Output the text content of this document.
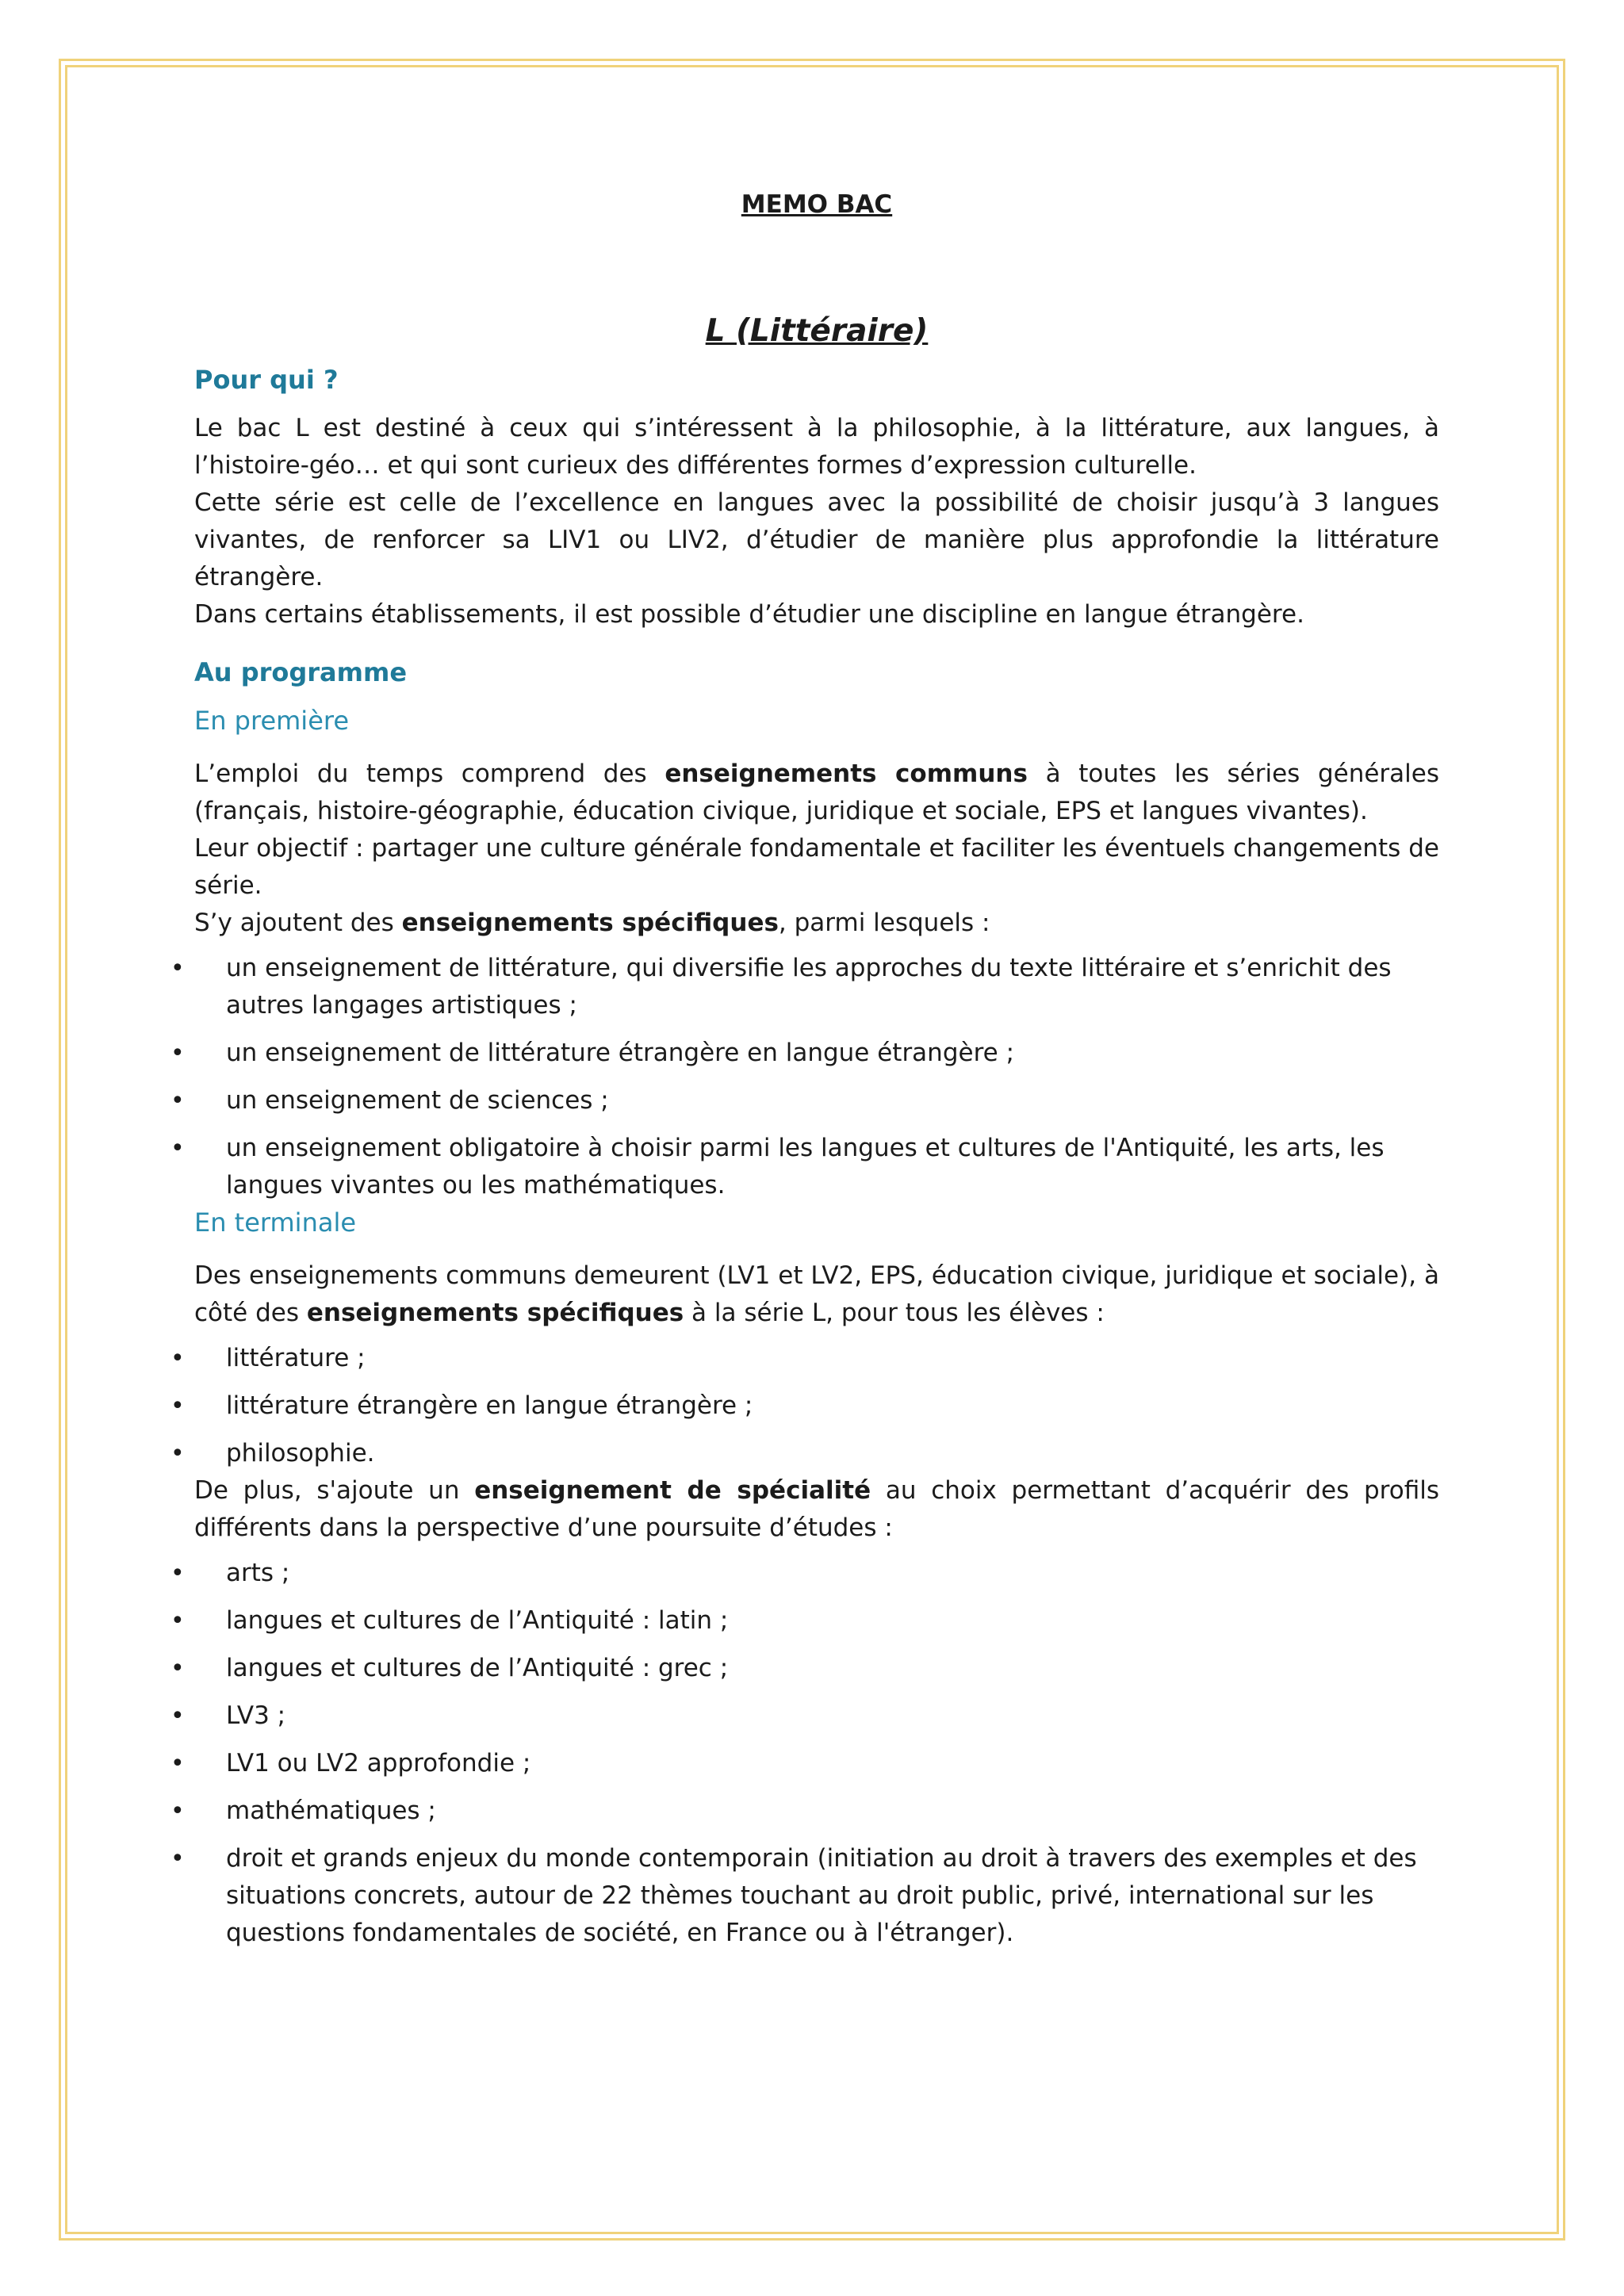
MEMO BAC
L (Littéraire)
Pour qui ?

Le bac L est destiné à ceux qui s’intéressent à la philosophie, à la littérature, aux langues, à l’histoire-géo… et qui sont curieux des différentes formes d’expression culturelle.

Cette série est celle de l’excellence en langues avec la possibilité de choisir jusqu’à 3 langues vivantes, de renforcer sa LIV1 ou LIV2, d’étudier de manière plus approfondie la littérature étrangère.

Dans certains établissements, il est possible d’étudier une discipline en langue étrangère.

Au programme
En première

L’emploi du temps comprend des enseignements communs à toutes les séries générales (français, histoire-géographie, éducation civique, juridique et sociale, EPS et langues vivantes).

Leur objectif : partager une culture générale fondamentale et faciliter les éventuels changements de série.

S’y ajoutent des enseignements spécifiques, parmi lesquels :

• un enseignement de littérature, qui diversifie les approches du texte littéraire et s’enrichit des autres langages artistiques ;
• un enseignement de littérature étrangère en langue étrangère ;
• un enseignement de sciences ;
• un enseignement obligatoire à choisir parmi les langues et cultures de l'Antiquité, les arts, les langues vivantes ou les mathématiques.
En terminale

Des enseignements communs demeurent (LV1 et LV2, EPS, éducation civique, juridique et sociale), à côté des enseignements spécifiques à la série L, pour tous les élèves :

• littérature ;
• littérature étrangère en langue étrangère ;
• philosophie.

De plus, s'ajoute un enseignement de spécialité au choix permettant d’acquérir des profils différents dans la perspective d’une poursuite d’études :

• arts ;
• langues et cultures de l’Antiquité : latin ;
• langues et cultures de l’Antiquité : grec ;
• LV3 ;
• LV1 ou LV2 approfondie ;
• mathématiques ;
• droit et grands enjeux du monde contemporain (initiation au droit à travers des exemples et des situations concrets, autour de 22 thèmes touchant au droit public, privé, international sur les questions fondamentales de société, en France ou à l'étranger).
